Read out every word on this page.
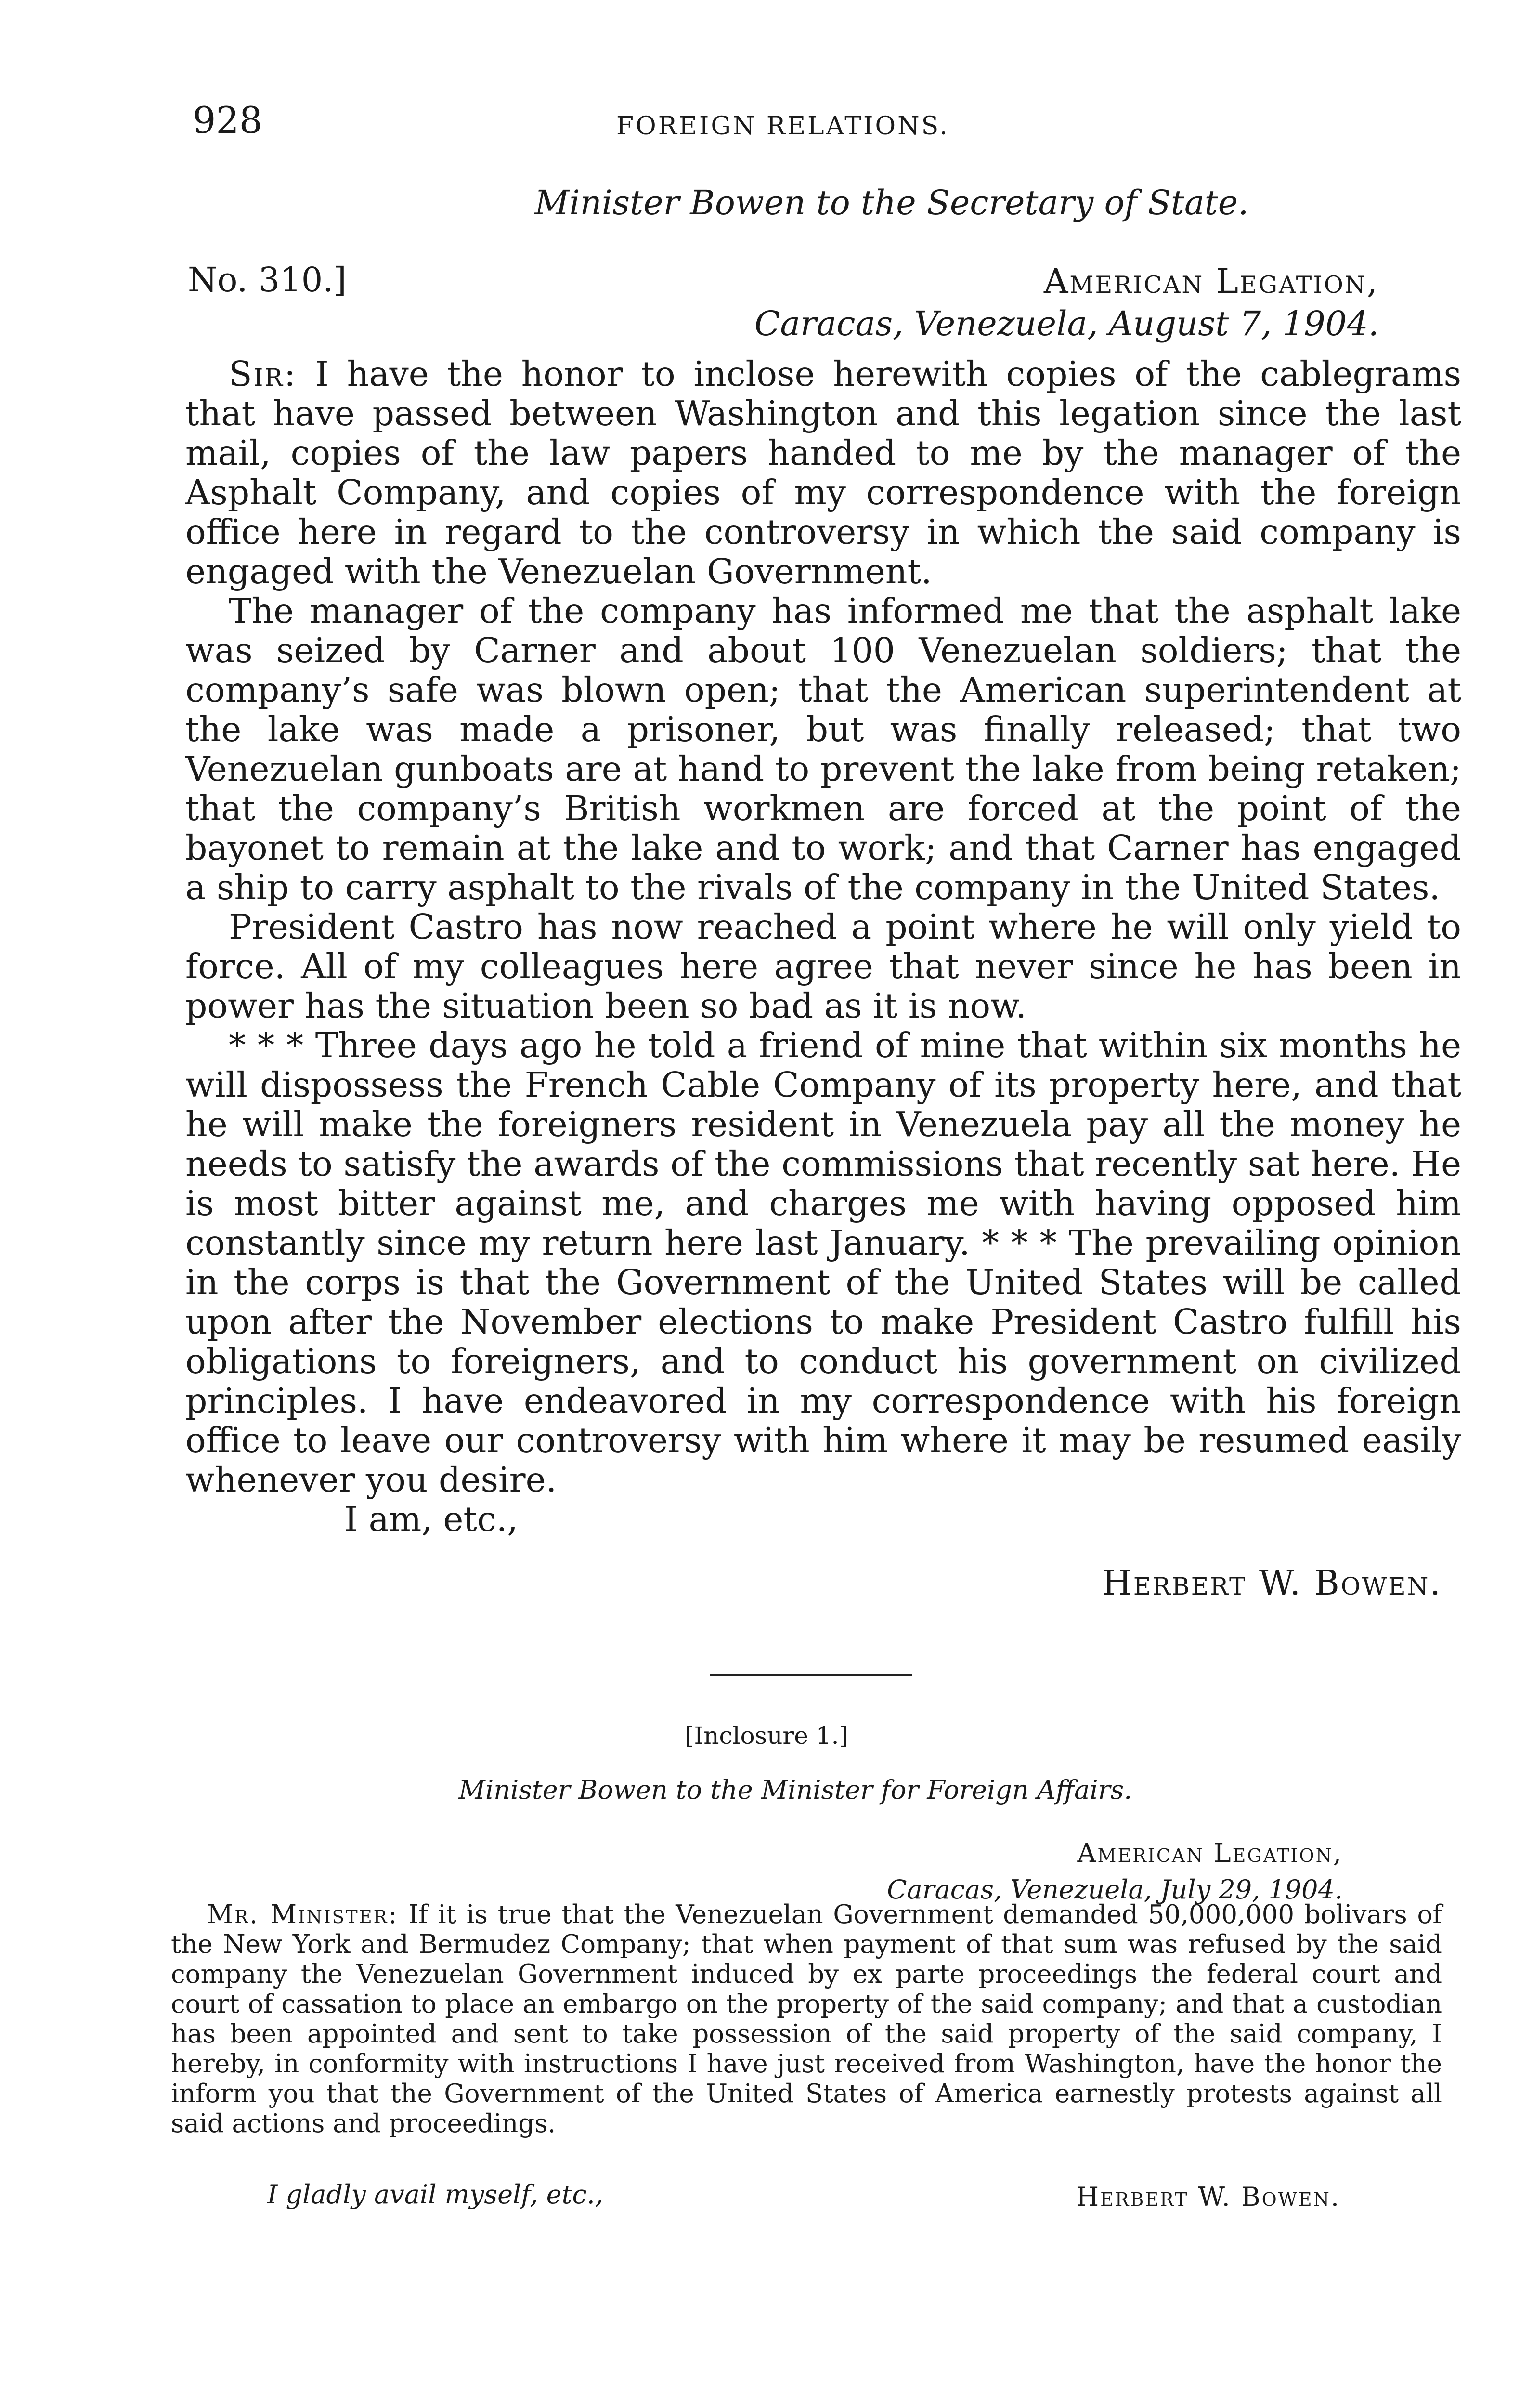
928	FOREIGN RELATIONS.
Minister Bowen to the Secretary of State.
No. 310.]	American Legation,
Caracas, Venezuela, August 7, 1904.

Sir: I have the honor to inclose herewith copies of the cablegrams that have passed between Washington and this legation since the last mail, copies of the law papers handed to me by the manager of the Asphalt Company, and copies of my correspondence with the foreign office here in regard to the controversy in which the said company is engaged with the Venezuelan Government.

The manager of the company has informed me that the asphalt lake was seized by Carner and about 100 Venezuelan soldiers; that the company’s safe was blown open; that the American superintendent at the lake was made a prisoner, but was finally released; that two Venezuelan gunboats are at hand to prevent the lake from being retaken; that the company’s British workmen are forced at the point of the bayonet to remain at the lake and to work; and that Carner has engaged a ship to carry asphalt to the rivals of the company in the United States.

President Castro has now reached a point where he will only yield to force. All of my colleagues here agree that never since he has been in power has the situation been so bad as it is now.

* * * Three days ago he told a friend of mine that within six months he will dispossess the French Cable Company of its property here, and that he will make the foreigners resident in Venezuela pay all the money he needs to satisfy the awards of the commissions that recently sat here. He is most bitter against me, and charges me with having opposed him constantly since my return here last January. * * * The prevailing opinion in the corps is that the Government of the United States will be called upon after the November elections to make President Castro fulfill his obligations to foreigners, and to conduct his government on civilized principles. I have endeavored in my correspondence with his foreign office to leave our controversy with him where it may be resumed easily whenever you desire.

I am, etc.,

Herbert W. Bowen.
[Inclosure 1.]
Minister Bowen to the Minister for Foreign Affairs.
American Legation,
Caracas, Venezuela, July 29, 1904.

Mr. Minister: If it is true that the Venezuelan Government demanded 50,000,000 bolivars of the New York and Bermudez Company; that when payment of that sum was refused by the said company the Venezuelan Government induced by ex parte proceedings the federal court and court of cassation to place an embargo on the property of the said company; and that a custodian has been appointed and sent to take possession of the said property of the said company, I hereby, in conformity with instructions I have just received from Washington, have the honor the inform you that the Government of the United States of America earnestly protests against all said actions and proceedings.

I gladly avail myself, etc.,	Herbert W. Bowen.
